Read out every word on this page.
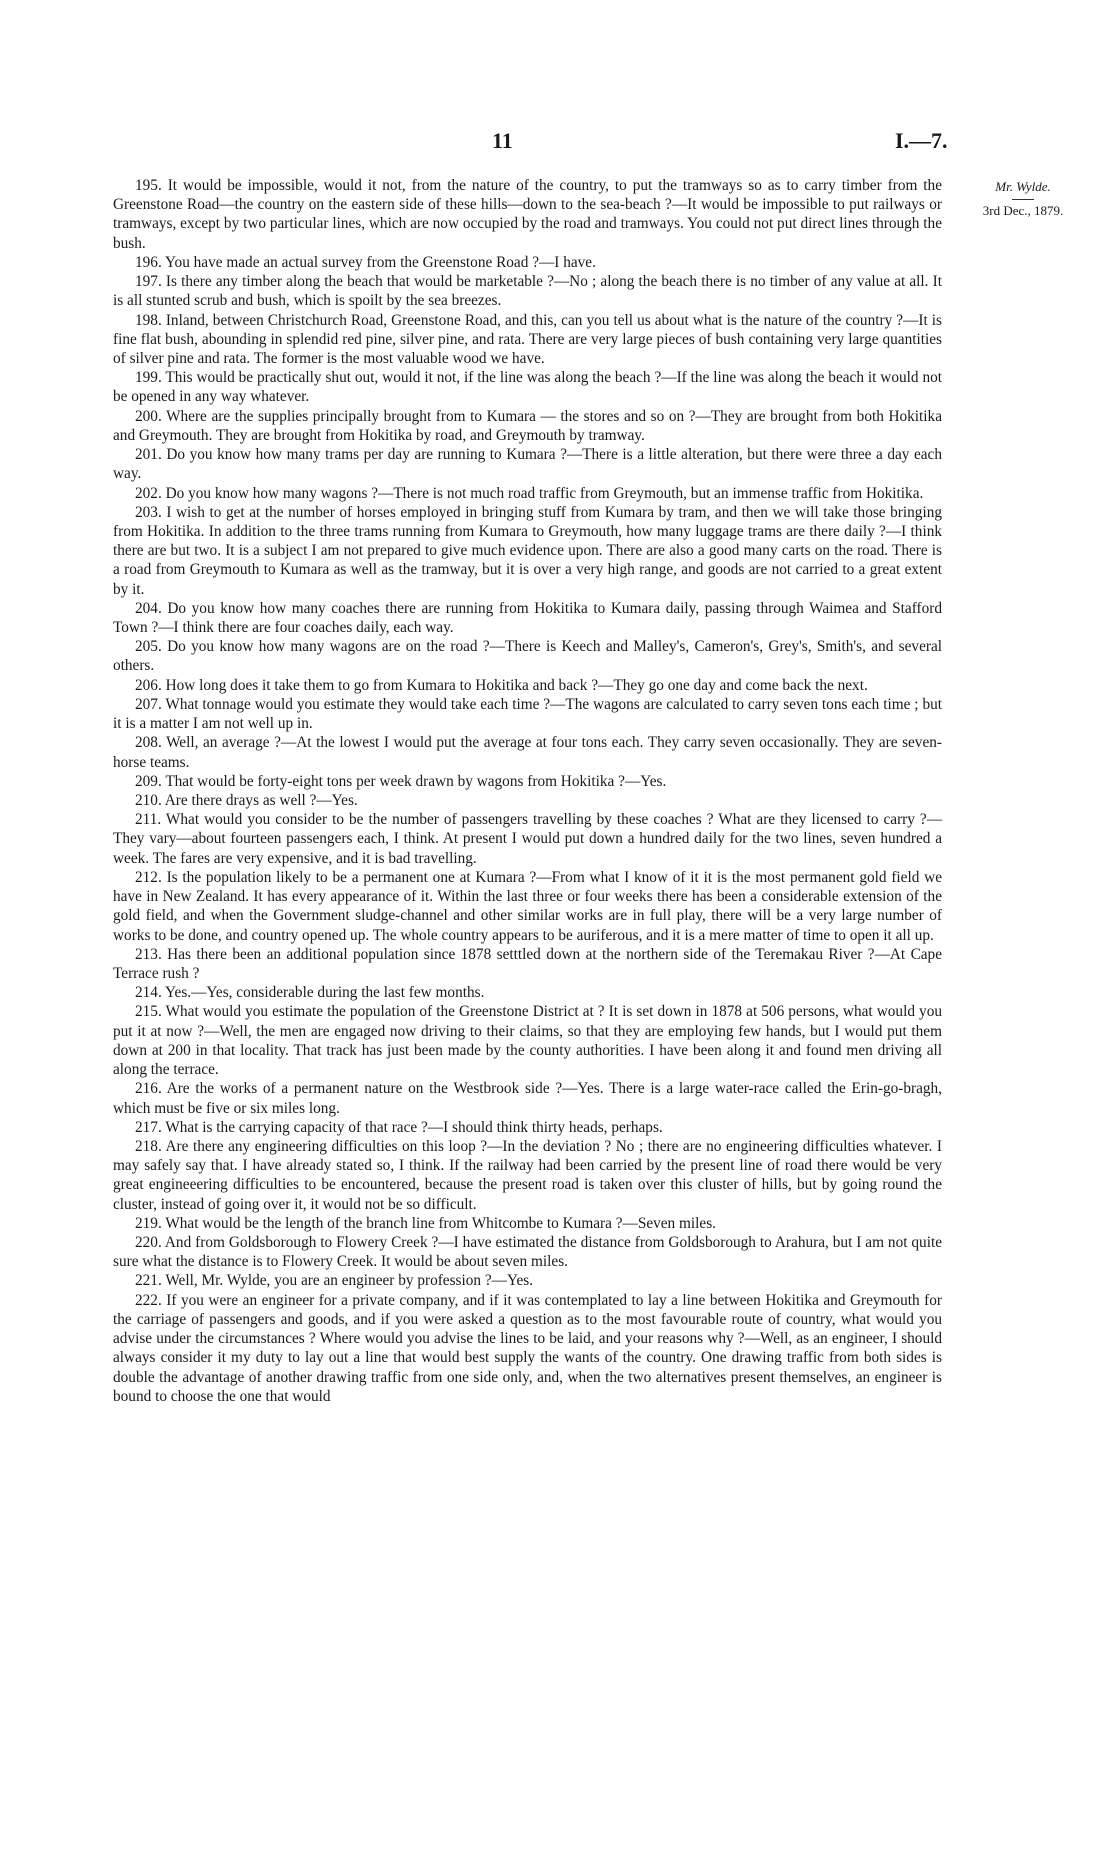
11	I.—7.
Mr. Wylde.
3rd Dec., 1879.

195. It would be impossible, would it not, from the nature of the country, to put the tramways so as to carry timber from the Greenstone Road—the country on the eastern side of these hills—down to the sea-beach ?—It would be impossible to put railways or tramways, except by two particular lines, which are now occupied by the road and tramways. You could not put direct lines through the bush.

196. You have made an actual survey from the Greenstone Road ?—I have.

197. Is there any timber along the beach that would be marketable ?—No ; along the beach there is no timber of any value at all. It is all stunted scrub and bush, which is spoilt by the sea breezes.

198. Inland, between Christchurch Road, Greenstone Road, and this, can you tell us about what is the nature of the country ?—It is fine flat bush, abounding in splendid red pine, silver pine, and rata. There are very large pieces of bush containing very large quantities of silver pine and rata. The former is the most valuable wood we have.

199. This would be practically shut out, would it not, if the line was along the beach ?—If the line was along the beach it would not be opened in any way whatever.

200. Where are the supplies principally brought from to Kumara — the stores and so on ?—They are brought from both Hokitika and Greymouth. They are brought from Hokitika by road, and Greymouth by tramway.

201. Do you know how many trams per day are running to Kumara ?—There is a little alteration, but there were three a day each way.

202. Do you know how many wagons ?—There is not much road traffic from Greymouth, but an immense traffic from Hokitika.

203. I wish to get at the number of horses employed in bringing stuff from Kumara by tram, and then we will take those bringing from Hokitika. In addition to the three trams running from Kumara to Greymouth, how many luggage trams are there daily ?—I think there are but two. It is a subject I am not prepared to give much evidence upon. There are also a good many carts on the road. There is a road from Greymouth to Kumara as well as the tramway, but it is over a very high range, and goods are not carried to a great extent by it.

204. Do you know how many coaches there are running from Hokitika to Kumara daily, passing through Waimea and Stafford Town ?—I think there are four coaches daily, each way.

205. Do you know how many wagons are on the road ?—There is Keech and Malley's, Cameron's, Grey's, Smith's, and several others.

206. How long does it take them to go from Kumara to Hokitika and back ?—They go one day and come back the next.

207. What tonnage would you estimate they would take each time ?—The wagons are calculated to carry seven tons each time ; but it is a matter I am not well up in.

208. Well, an average ?—At the lowest I would put the average at four tons each. They carry seven occasionally. They are seven-horse teams.

209. That would be forty-eight tons per week drawn by wagons from Hokitika ?—Yes.

210. Are there drays as well ?—Yes.

211. What would you consider to be the number of passengers travelling by these coaches ? What are they licensed to carry ?—They vary—about fourteen passengers each, I think. At present I would put down a hundred daily for the two lines, seven hundred a week. The fares are very expensive, and it is bad travelling.

212. Is the population likely to be a permanent one at Kumara ?—From what I know of it it is the most permanent gold field we have in New Zealand. It has every appearance of it. Within the last three or four weeks there has been a considerable extension of the gold field, and when the Government sludge-channel and other similar works are in full play, there will be a very large number of works to be done, and country opened up. The whole country appears to be auriferous, and it is a mere matter of time to open it all up.

213. Has there been an additional population since 1878 setttled down at the northern side of the Teremakau River ?—At Cape Terrace rush ?

214. Yes.—Yes, considerable during the last few months.

215. What would you estimate the population of the Greenstone District at ? It is set down in 1878 at 506 persons, what would you put it at now ?—Well, the men are engaged now driving to their claims, so that they are employing few hands, but I would put them down at 200 in that locality. That track has just been made by the county authorities. I have been along it and found men driving all along the terrace.

216. Are the works of a permanent nature on the Westbrook side ?—Yes. There is a large water-race called the Erin-go-bragh, which must be five or six miles long.

217. What is the carrying capacity of that race ?—I should think thirty heads, perhaps.

218. Are there any engineering difficulties on this loop ?—In the deviation ? No ; there are no engineering difficulties whatever. I may safely say that. I have already stated so, I think. If the railway had been carried by the present line of road there would be very great engineeering difficulties to be encountered, because the present road is taken over this cluster of hills, but by going round the cluster, instead of going over it, it would not be so difficult.

219. What would be the length of the branch line from Whitcombe to Kumara ?—Seven miles.

220. And from Goldsborough to Flowery Creek ?—I have estimated the distance from Goldsborough to Arahura, but I am not quite sure what the distance is to Flowery Creek. It would be about seven miles.

221. Well, Mr. Wylde, you are an engineer by profession ?—Yes.

222. If you were an engineer for a private company, and if it was contemplated to lay a line between Hokitika and Greymouth for the carriage of passengers and goods, and if you were asked a question as to the most favourable route of country, what would you advise under the circumstances ? Where would you advise the lines to be laid, and your reasons why ?—Well, as an engineer, I should always consider it my duty to lay out a line that would best supply the wants of the country. One drawing traffic from both sides is double the advantage of another drawing traffic from one side only, and, when the two alternatives present themselves, an engineer is bound to choose the one that would
